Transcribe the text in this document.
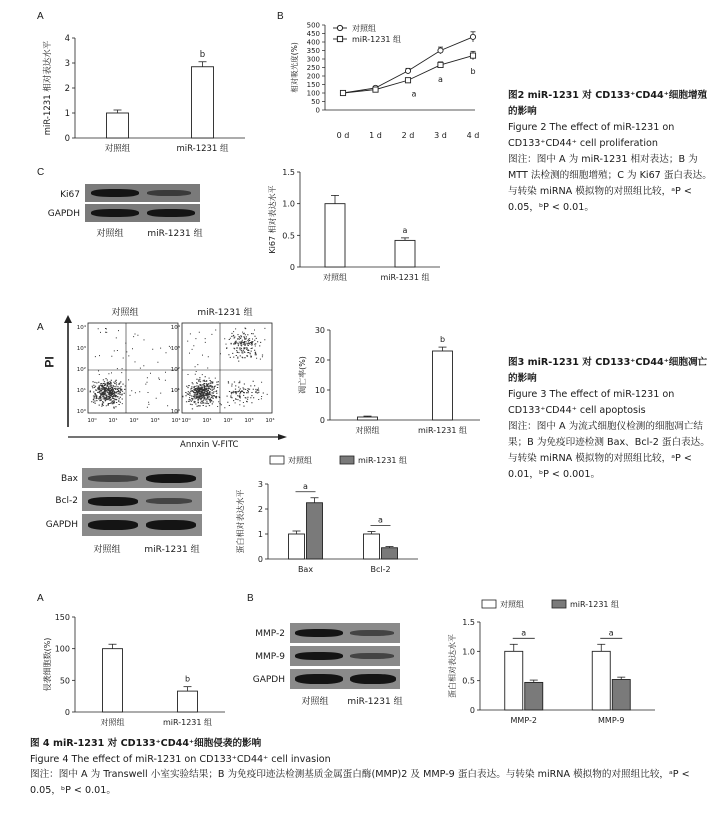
A	B
C
0
1
2
3
4
miR-1231 相对表达水平
对照组
b
miR-1231 组
0
50
100
150
200
250
300
350
400
450
500
相对吸光度(%)
0 d 1 d 2 d 3 d 4 d
a
a
b
对照组
miR-1231 组
0
0.5
1.0
1.5
Ki67 相对表达水平
对照组
a
miR-1231 组
Ki67
GAPDH
对照组	miR-1231 组
图2 miR-1231 对 CD133⁺CD44⁺细胞增殖的影响
Figure 2 The effect of miR-1231 on CD133⁺CD44⁺ cell proliferation
图注：图中 A 为 miR-1231 相对表达；B 为 MTT 法检测的细胞增殖；C 为 Ki67 蛋白表达。与转染 miRNA 模拟物的对照组比较，ᵃP < 0.05，ᵇP < 0.01。
A
B
对照组	miR-1231 组
PI
Annxin V-FITC
10⁰
10⁰
10¹
10¹
10²
10²
10³
10³
10⁴
10⁴
10⁰
10⁰
10¹
10¹
10²
10²
10³
10³
10⁴
10⁴
0
10
20
30
凋亡率(%)
对照组
b
miR-1231 组
Bax
Bcl-2
GAPDH
对照组	miR-1231 组
0
1
2
3
蛋白相对表达水平
a
Bax
a
Bcl-2
对照组	miR-1231 组
图3 miR-1231 对 CD133⁺CD44⁺细胞凋亡的影响
Figure 3 The effect of miR-1231 on CD133⁺CD44⁺ cell apoptosis
图注：图中 A 为流式细胞仪检测的细胞凋亡结果；B 为免疫印迹检测 Bax、Bcl-2 蛋白表达。与转染 miRNA 模拟物的对照组比较，ᵃP < 0.01，ᵇP < 0.001。
A	B
0
50
100
150
侵袭细胞数(%)
对照组
b
miR-1231 组
MMP-2
MMP-9
GAPDH
对照组	miR-1231 组
0
0.5
1.0
1.5
蛋白相对表达水平
a
MMP-2
a
MMP-9
对照组	miR-1231 组
图 4 miR-1231 对 CD133⁺CD44⁺细胞侵袭的影响
Figure 4 The effect of miR-1231 on CD133⁺CD44⁺ cell invasion
图注：图中 A 为 Transwell 小室实验结果；B 为免疫印迹法检测基质金属蛋白酶(MMP)2 及 MMP-9 蛋白表达。与转染 miRNA 模拟物的对照组比较，ᵃP < 0.05，ᵇP < 0.01。
